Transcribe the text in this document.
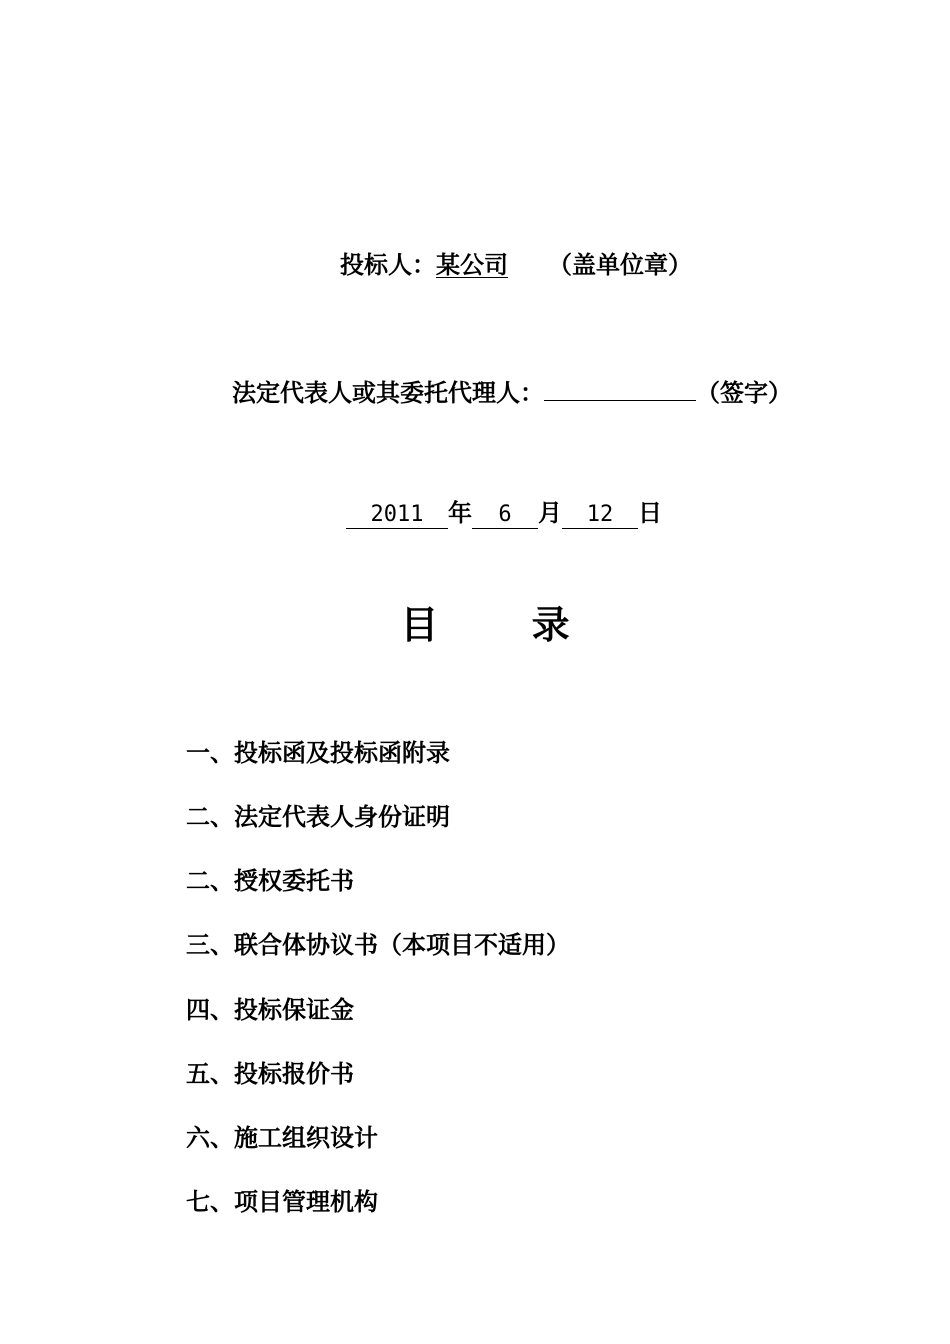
投标人：某公司 （盖单位章）
法定代表人或其委托代理人：	（签字）
2011 年 6 月 12 日
目 录
一、投标函及投标函附录
二、法定代表人身份证明
二、授权委托书
三、联合体协议书（本项目不适用）
四、投标保证金
五、投标报价书
六、施工组织设计
七、项目管理机构
